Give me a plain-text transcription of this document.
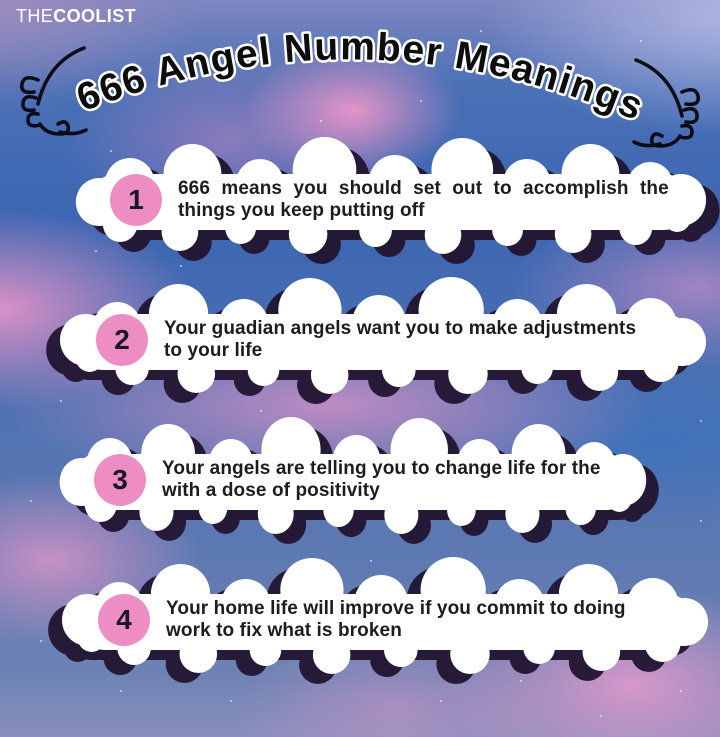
THECOOLIST
666 Angel Number Meanings
1 666 means you should set out to accomplish the
things you keep putting off
2 Your guadian angels want you to make adjustments
to your life
3 Your angels are telling you to change life for the
with a dose of positivity
4 Your home life will improve if you commit to doing
work to fix what is broken
